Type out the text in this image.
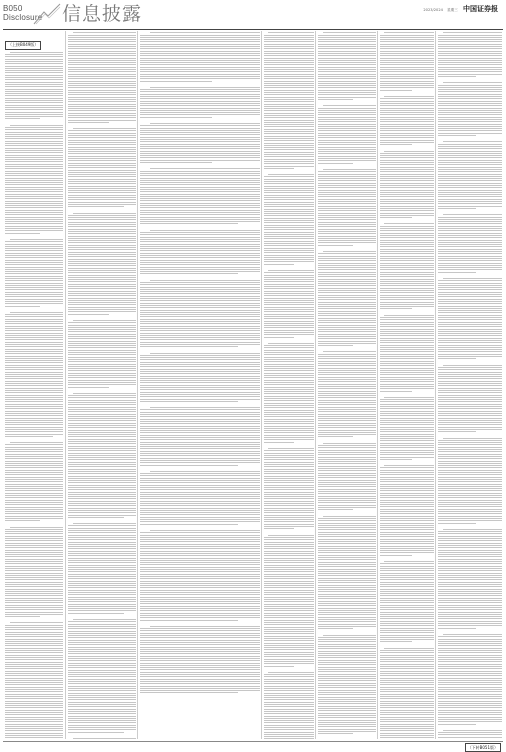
B050
Disclosure 信息披露	2023/2024 星期三 中国证券报
（上接B049版）
（下转B051版）
